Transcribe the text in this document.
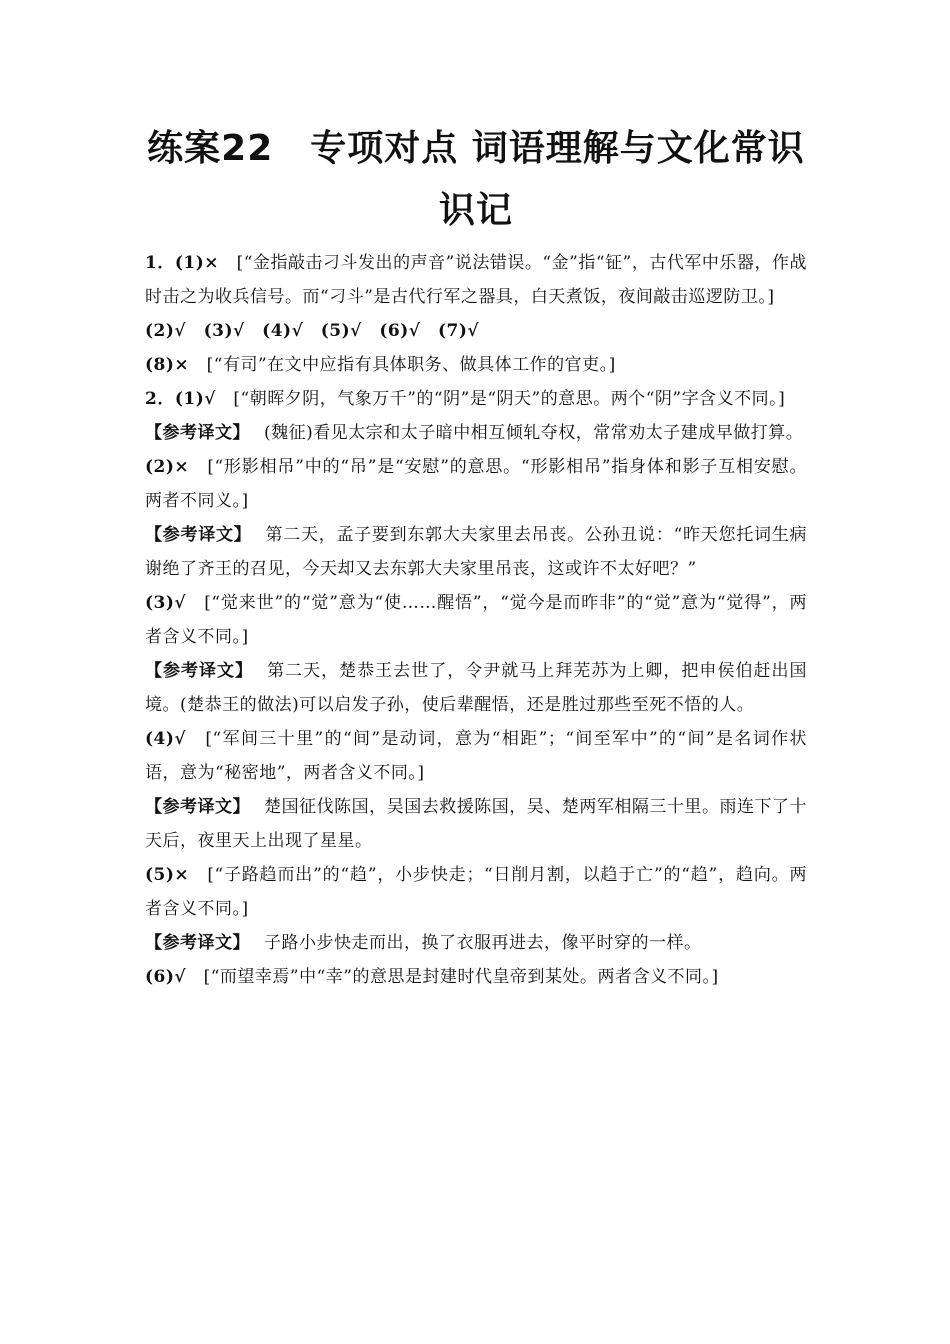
练案22　专项对点 词语理解与文化常识识记

1．(1)×　[“金指敲击刁斗发出的声音”说法错误。“金”指“钲”，古代军中乐器，作战时击之为收兵信号。而“刁斗”是古代行军之器具，白天煮饭，夜间敲击巡逻防卫。]

(2)√　(3)√　(4)√　(5)√　(6)√　(7)√

(8)×　[“有司”在文中应指有具体职务、做具体工作的官吏。]

2．(1)√　[“朝晖夕阴，气象万千”的“阴”是“阴天”的意思。两个“阴”字含义不同。]

【参考译文】 (魏征)看见太宗和太子暗中相互倾轧夺权，常常劝太子建成早做打算。

(2)×　[“形影相吊”中的“吊”是“安慰”的意思。“形影相吊”指身体和影子互相安慰。两者不同义。]

【参考译文】 第二天，孟子要到东郭大夫家里去吊丧。公孙丑说：“昨天您托词生病谢绝了齐王的召见，今天却又去东郭大夫家里吊丧，这或许不太好吧？”

(3)√　[“觉来世”的“觉”意为“使……醒悟”，“觉今是而昨非”的“觉”意为“觉得”，两者含义不同。]

【参考译文】 第二天，楚恭王去世了，令尹就马上拜芜苏为上卿，把申侯伯赶出国境。(楚恭王的做法)可以启发子孙，使后辈醒悟，还是胜过那些至死不悟的人。

(4)√　[“军间三十里”的“间”是动词，意为“相距”；“间至军中”的“间”是名词作状语，意为“秘密地”，两者含义不同。]

【参考译文】 楚国征伐陈国，吴国去救援陈国，吴、楚两军相隔三十里。雨连下了十天后，夜里天上出现了星星。

(5)×　[“子路趋而出”的“趋”，小步快走；“日削月割，以趋于亡”的“趋”，趋向。两者含义不同。]

【参考译文】 子路小步快走而出，换了衣服再进去，像平时穿的一样。

(6)√　[“而望幸焉”中“幸”的意思是封建时代皇帝到某处。两者含义不同。]
